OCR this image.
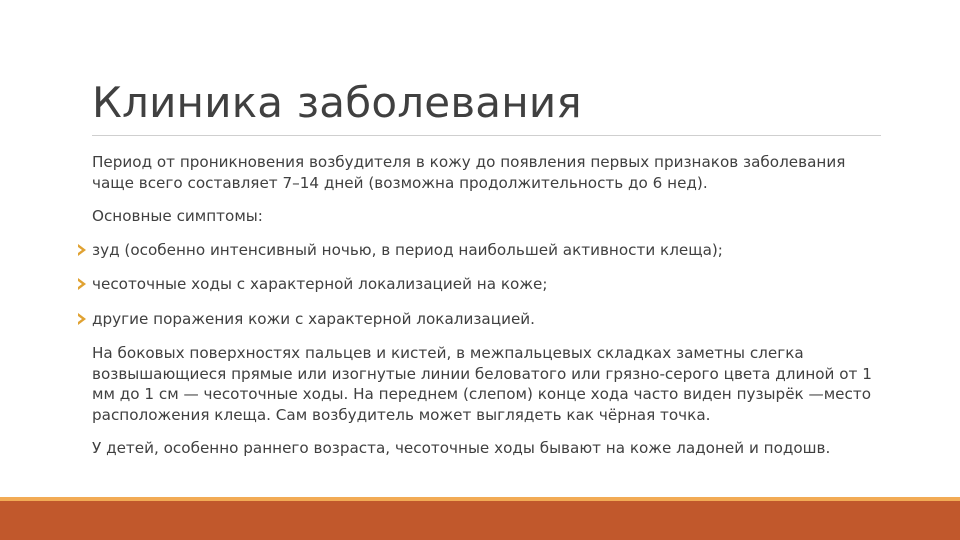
Клиника заболевания

Период от проникновения возбудителя в кожу до появления первых признаков заболевания чаще всего составляет 7–14 дней (возможна продолжительность до 6 нед).

Основные симптомы:

зуд (особенно интенсивный ночью, в период наибольшей активности клеща);
чесоточные ходы с характерной локализацией на коже;
другие поражения кожи с характерной локализацией.

На боковых поверхностях пальцев и кистей, в межпальцевых складках заметны слегка возвышающиеся прямые или изогнутые линии беловатого или грязно-серого цвета длиной от 1 мм до 1 см — чесоточные ходы. На переднем (слепом) конце хода часто виден пузырёк —место расположения клеща. Сам возбудитель может выглядеть как чёрная точка.

У детей, особенно раннего возраста, чесоточные ходы бывают на коже ладоней и подошв.
